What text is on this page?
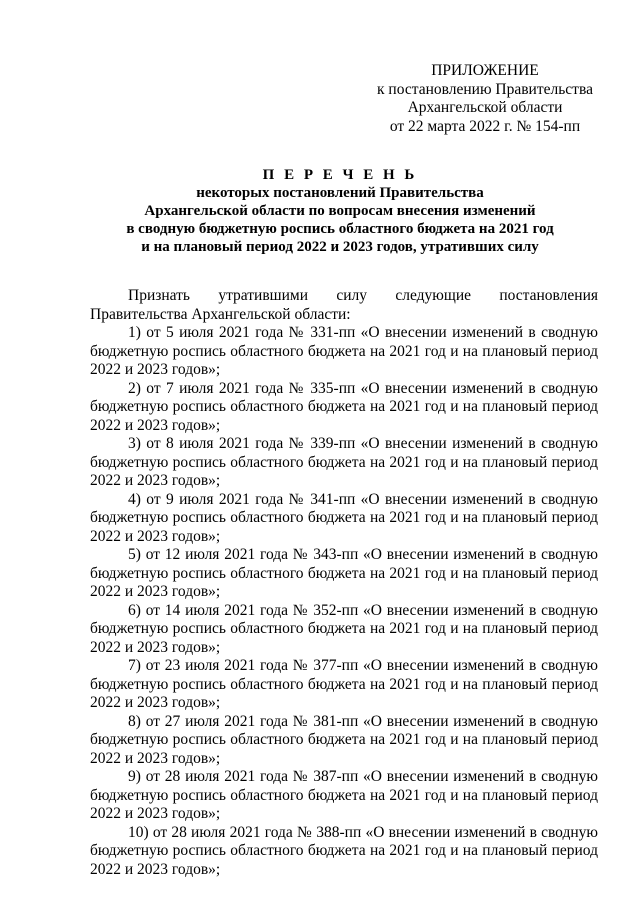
ПРИЛОЖЕНИЕ
к постановлению Правительства
Архангельской области
от 22 марта 2022 г. № 154-пп
П Е Р Е Ч Е Н Ь
некоторых постановлений Правительства
Архангельской области по вопросам внесения изменений
в сводную бюджетную роспись областного бюджета на 2021 год
и на плановый период 2022 и 2023 годов, утративших силу

Признать утратившими силу следующие постановления Правительства Архангельской области:

1) от 5 июля 2021 года № 331-пп «О внесении изменений в сводную бюджетную роспись областного бюджета на 2021 год и на плановый период 2022 и 2023 годов»;

2) от 7 июля 2021 года № 335-пп «О внесении изменений в сводную бюджетную роспись областного бюджета на 2021 год и на плановый период 2022 и 2023 годов»;

3) от 8 июля 2021 года № 339-пп «О внесении изменений в сводную бюджетную роспись областного бюджета на 2021 год и на плановый период 2022 и 2023 годов»;

4) от 9 июля 2021 года № 341-пп «О внесении изменений в сводную бюджетную роспись областного бюджета на 2021 год и на плановый период 2022 и 2023 годов»;

5) от 12 июля 2021 года № 343-пп «О внесении изменений в сводную бюджетную роспись областного бюджета на 2021 год и на плановый период 2022 и 2023 годов»;

6) от 14 июля 2021 года № 352-пп «О внесении изменений в сводную бюджетную роспись областного бюджета на 2021 год и на плановый период 2022 и 2023 годов»;

7) от 23 июля 2021 года № 377-пп «О внесении изменений в сводную бюджетную роспись областного бюджета на 2021 год и на плановый период 2022 и 2023 годов»;

8) от 27 июля 2021 года № 381-пп «О внесении изменений в сводную бюджетную роспись областного бюджета на 2021 год и на плановый период 2022 и 2023 годов»;

9) от 28 июля 2021 года № 387-пп «О внесении изменений в сводную бюджетную роспись областного бюджета на 2021 год и на плановый период 2022 и 2023 годов»;

10) от 28 июля 2021 года № 388-пп «О внесении изменений в сводную бюджетную роспись областного бюджета на 2021 год и на плановый период 2022 и 2023 годов»;
